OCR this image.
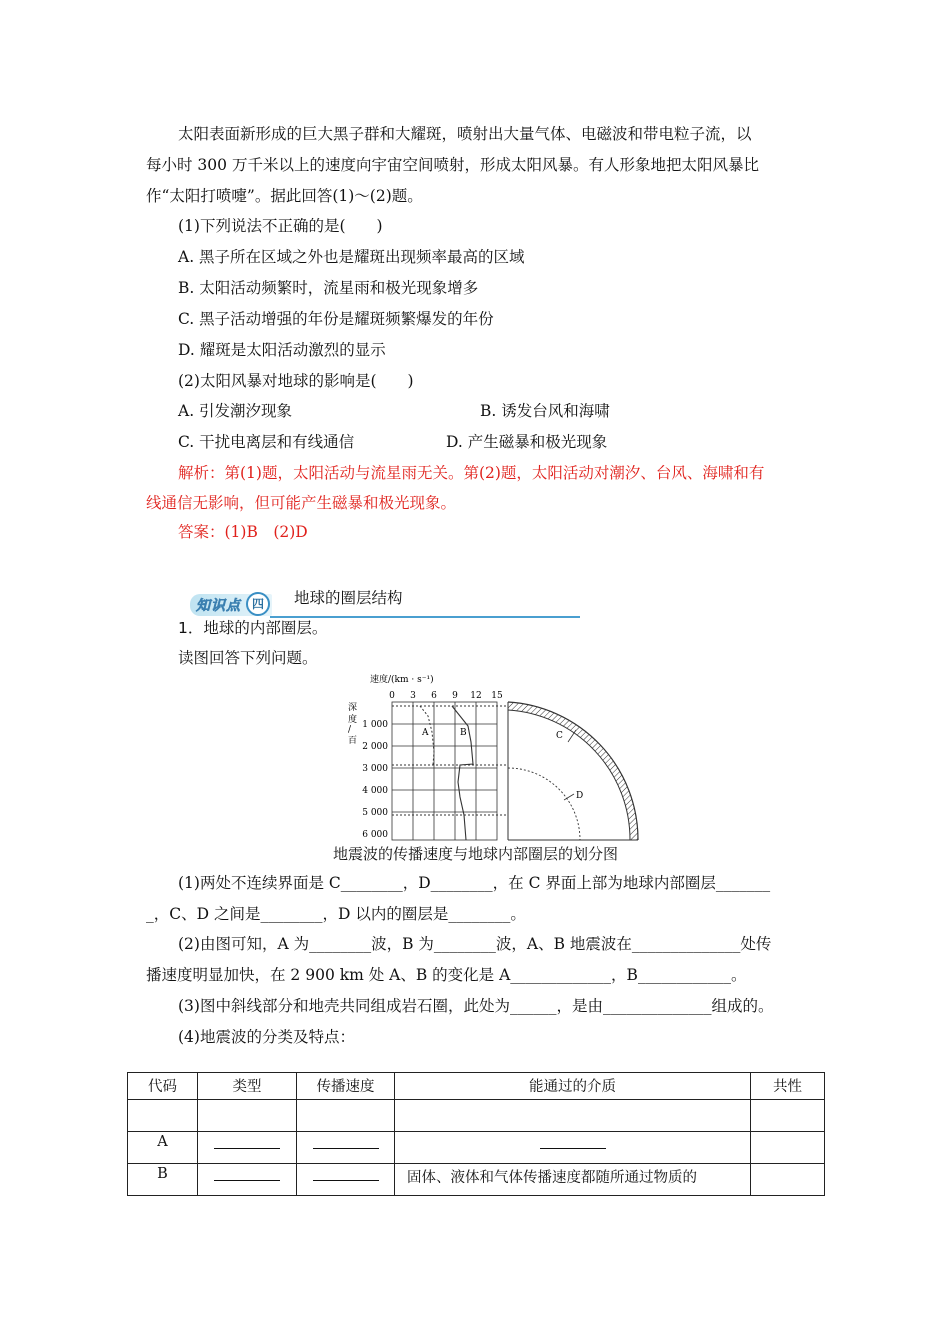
太阳表面新形成的巨大黑子群和大耀斑，喷射出大量气体、电磁波和带电粒子流，以
每小时 300 万千米以上的速度向宇宙空间喷射，形成太阳风暴。有人形象地把太阳风暴比
作“太阳打喷嚏”。据此回答(1)～(2)题。
(1)下列说法不正确的是(　　)
A. 黑子所在区域之外也是耀斑出现频率最高的区域
B. 太阳活动频繁时，流星雨和极光现象增多
C. 黑子活动增强的年份是耀斑频繁爆发的年份
D. 耀斑是太阳活动激烈的显示
(2)太阳风暴对地球的影响是(　　)
A. 引发潮汐现象	B. 诱发台风和海啸
C. 干扰电离层和有线通信	D. 产生磁暴和极光现象
解析：第(1)题，太阳活动与流星雨无关。第(2)题，太阳活动对潮汐、台风、海啸和有
线通信无影响，但可能产生磁暴和极光现象。
答案：(1)B　(2)D
知识点 四	地球的圈层结构
1．地球的内部圈层。
读图回答下列问题。
速度/(km · s⁻¹)
0 3 6 9 12 15
深
度
/
百
1 000
2 000
3 000
4 000
5 000
6 000
A	B	C
D
地震波的传播速度与地球内部圈层的划分图
(1)两处不连续界面是 C________，D________，在 C 界面上部为地球内部圈层_______
_，C、D 之间是________，D 以内的圈层是________。
(2)由图可知，A 为________波，B 为________波，A、B 地震波在______________处传
播速度明显加快，在 2 900 km 处 A、B 的变化是 A_____________，B____________。
(3)图中斜线部分和地壳共同组成岩石圈，此处为______，是由______________组成的。
(4)地震波的分类及特点：
代码	类型	传播速度	能通过的介质	共性

A				
B			固体、液体和气体传播速度都随所通过物质的	
